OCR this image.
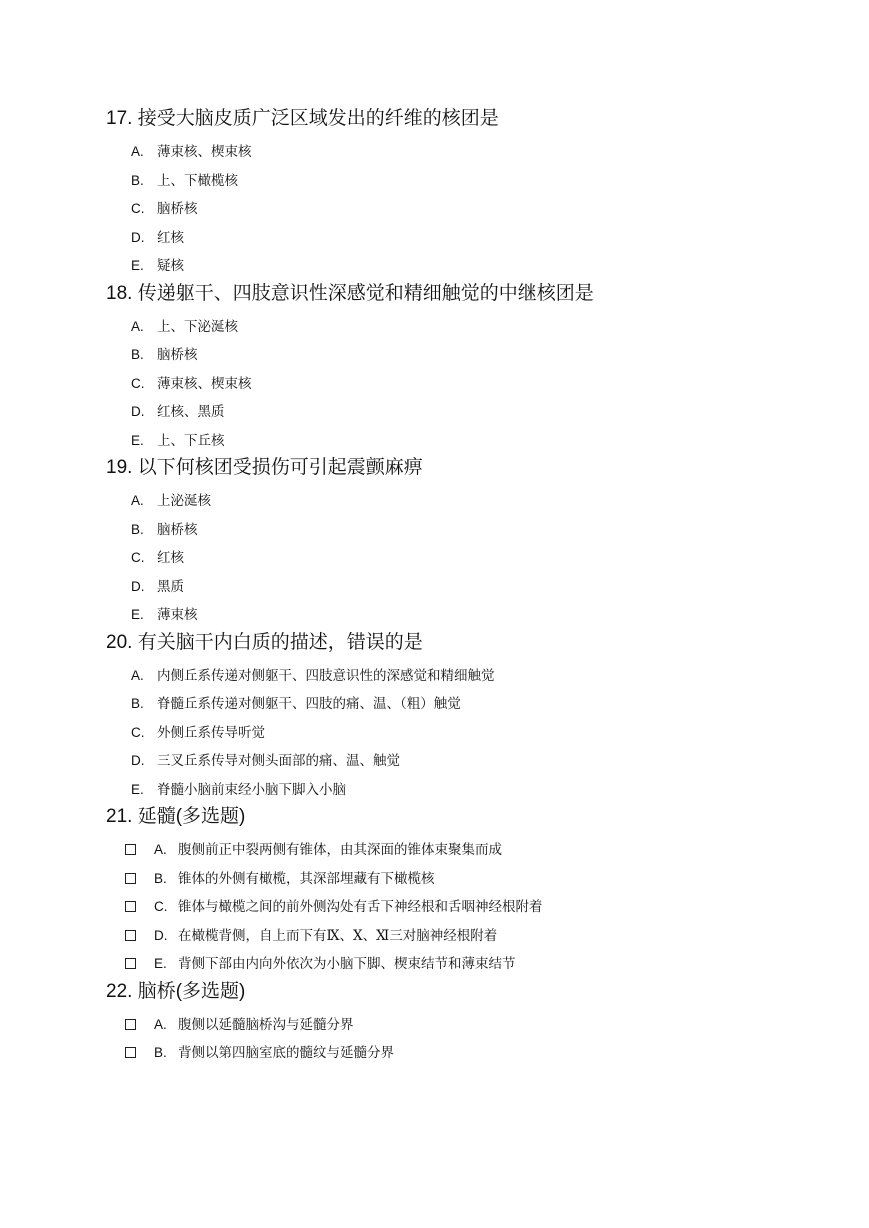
17. 接受大脑皮质广泛区域发出的纤维的核团是
A. 薄束核、楔束核
B. 上、下橄榄核
C. 脑桥核
D. 红核
E. 疑核
18. 传递躯干、四肢意识性深感觉和精细触觉的中继核团是
A. 上、下泌涎核
B. 脑桥核
C. 薄束核、楔束核
D. 红核、黑质
E. 上、下丘核
19. 以下何核团受损伤可引起震颤麻痹
A. 上泌涎核
B. 脑桥核
C. 红核
D. 黑质
E. 薄束核
20. 有关脑干内白质的描述，错误的是
A. 内侧丘系传递对侧躯干、四肢意识性的深感觉和精细触觉
B. 脊髓丘系传递对侧躯干、四肢的痛、温、（粗）触觉
C. 外侧丘系传导听觉
D. 三叉丘系传导对侧头面部的痛、温、触觉
E. 脊髓小脑前束经小脑下脚入小脑
21. 延髓(多选题)
A. 腹侧前正中裂两侧有锥体，由其深面的锥体束聚集而成
B. 锥体的外侧有橄榄，其深部埋藏有下橄榄核
C. 锥体与橄榄之间的前外侧沟处有舌下神经根和舌咽神经根附着
D. 在橄榄背侧，自上而下有Ⅸ、Ⅹ、Ⅺ三对脑神经根附着
E. 背侧下部由内向外依次为小脑下脚、楔束结节和薄束结节
22. 脑桥(多选题)
A. 腹侧以延髓脑桥沟与延髓分界
B. 背侧以第四脑室底的髓纹与延髓分界
